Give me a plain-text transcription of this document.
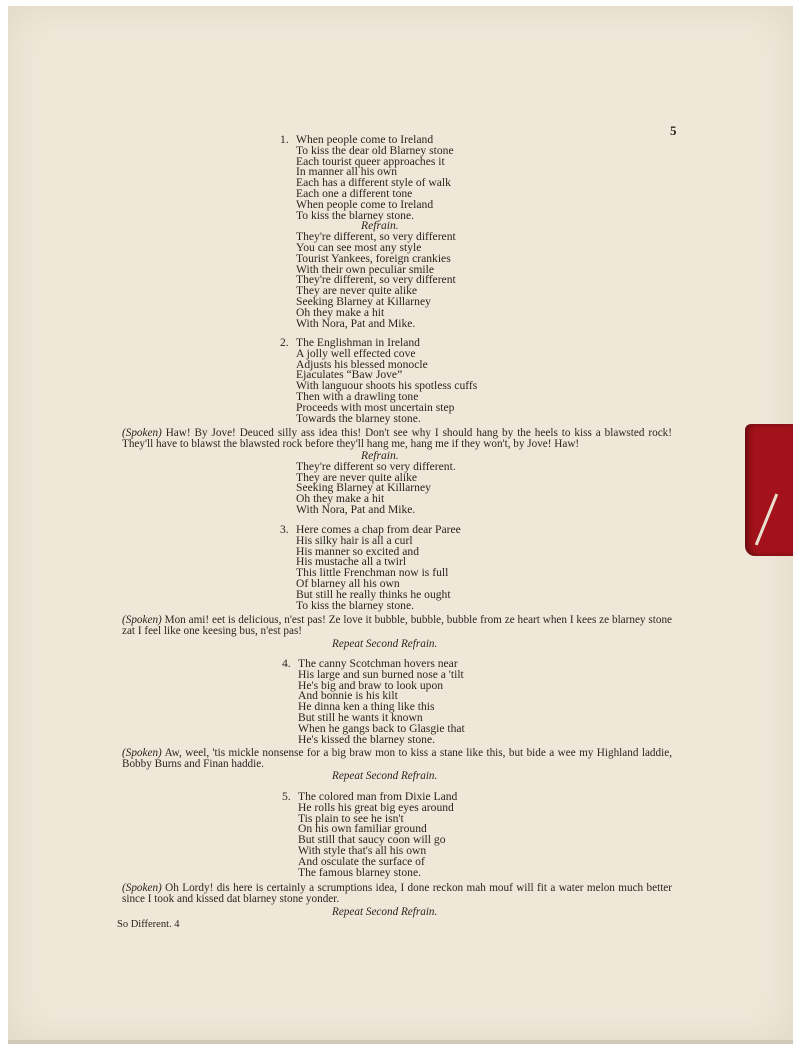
5
1. When people come to Ireland
To kiss the dear old Blarney stone
Each tourist queer approaches it
In manner all his own
Each has a different style of walk
Each one a different tone
When people come to Ireland
To kiss the blarney stone.
Refrain.
They're different, so very different
You can see most any style
Tourist Yankees, foreign crankies
With their own peculiar smile
They're different, so very different
They are never quite alike
Seeking Blarney at Killarney
Oh they make a hit
With Nora, Pat and Mike.
2. The Englishman in Ireland
A jolly well effected cove
Adjusts his blessed monocle
Ejaculates “Baw Jove”
With languour shoots his spotless cuffs
Then with a drawling tone
Proceeds with most uncertain step
Towards the blarney stone.
(Spoken) Haw! By Jove! Deuced silly ass idea this! Don't see why I should hang by the heels to kiss a blawsted rock! They'll have to blawst the blawsted rock before they'll hang me, hang me if they won't, by Jove! Haw!
Refrain.
They're different so very different.
They are never quite alike
Seeking Blarney at Killarney
Oh they make a hit
With Nora, Pat and Mike.
3. Here comes a chap from dear Paree
His silky hair is all a curl
His manner so excited and
His mustache all a twirl
This little Frenchman now is full
Of blarney all his own
But still he really thinks he ought
To kiss the blarney stone.
(Spoken) Mon ami! eet is delicious, n'est pas! Ze love it bubble, bubble, bubble from ze heart when I kees ze blarney stone zat I feel like one keesing bus, n'est pas!
Repeat Second Refrain.
4. The canny Scotchman hovers near
His large and sun burned nose a 'tilt
He's big and braw to look upon
And bonnie is his kilt
He dinna ken a thing like this
But still he wants it known
When he gangs back to Glasgie that
He's kissed the blarney stone.
(Spoken) Aw, weel, 'tis mickle nonsense for a big braw mon to kiss a stane like this, but bide a wee my Highland laddie, Bobby Burns and Finan haddie.
Repeat Second Refrain.
5. The colored man from Dixie Land
He rolls his great big eyes around
Tis plain to see he isn't
On his own familiar ground
But still that saucy coon will go
With style that's all his own
And osculate the surface of
The famous blarney stone.
(Spoken) Oh Lordy! dis here is certainly a scrumptions idea, I done reckon mah mouf will fit a water melon much better since I took and kissed dat blarney stone yonder.
Repeat Second Refrain.
So Different. 4
